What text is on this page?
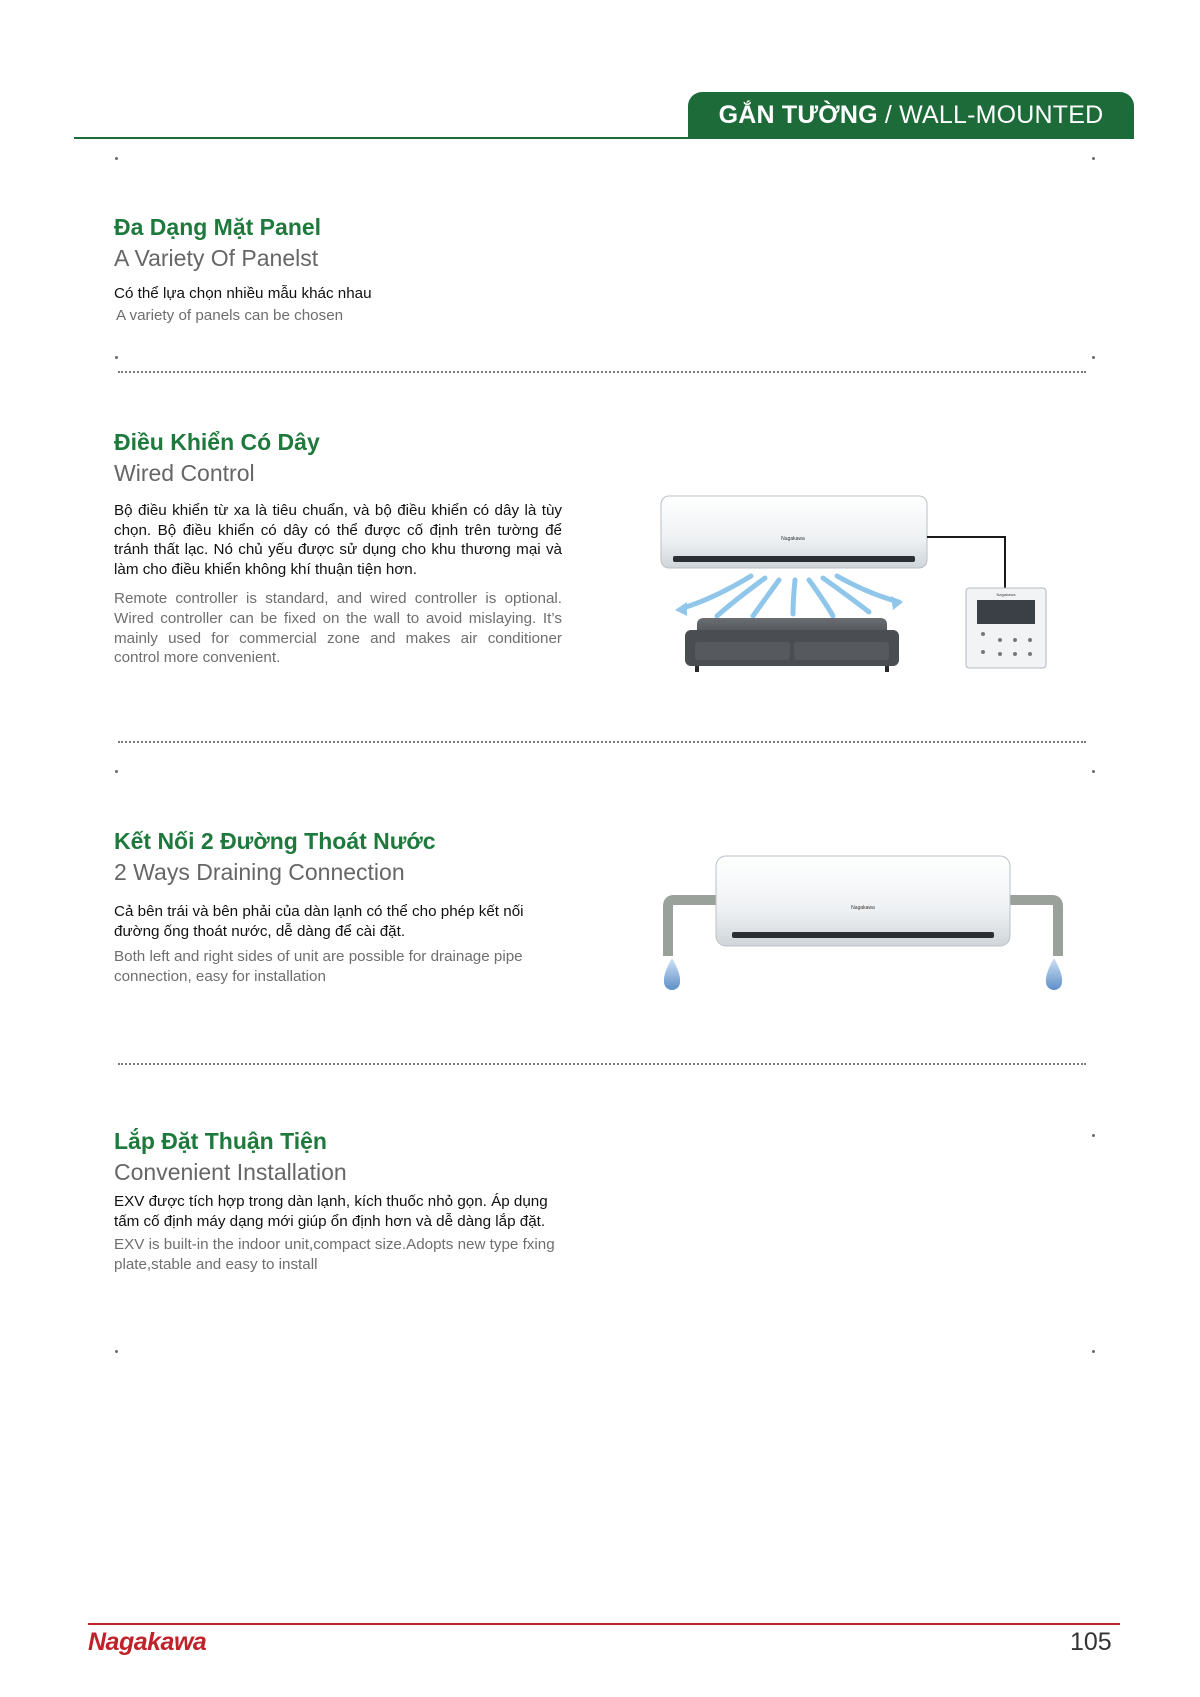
GẮN TƯỜNG / WALL-MOUNTED
Đa Dạng Mặt Panel

A Variety Of Panelst

Có thể lựa chọn nhiều mẫu khác nhau

A variety of panels can be chosen

Điều Khiển Có Dây

Wired Control

Bộ điều khiển từ xa là tiêu chuẩn, và bộ điều khiển có dây là tùy chọn. Bộ điều khiển có dây có thể được cố định trên tường để tránh thất lạc. Nó chủ yếu được sử dụng cho khu thương mại và làm cho điều khiển không khí thuận tiện hơn.

Remote controller is standard, and wired controller is optional. Wired controller can be fixed on the wall to avoid mislaying. It’s mainly used for commercial zone and makes air conditioner control more convenient.

Nagakawa
Nagakawa
Kết Nối 2 Đường Thoát Nước

2 Ways Draining Connection

Cả bên trái và bên phải của dàn lạnh có thể cho phép kết nối đường ống thoát nước, dễ dàng để cài đặt.

Both left and right sides of unit are possible for drainage pipe connection, easy for installation

Nagakawa
Lắp Đặt Thuận Tiện

Convenient Installation

EXV được tích hợp trong dàn lạnh, kích thuốc nhỏ gọn. Áp dụng tấm cố định máy dạng mới giúp ổn định hơn và dễ dàng lắp đặt.

EXV is built-in the indoor unit,compact size.Adopts new type fxing plate,stable and easy to install

Nagakawa	105
